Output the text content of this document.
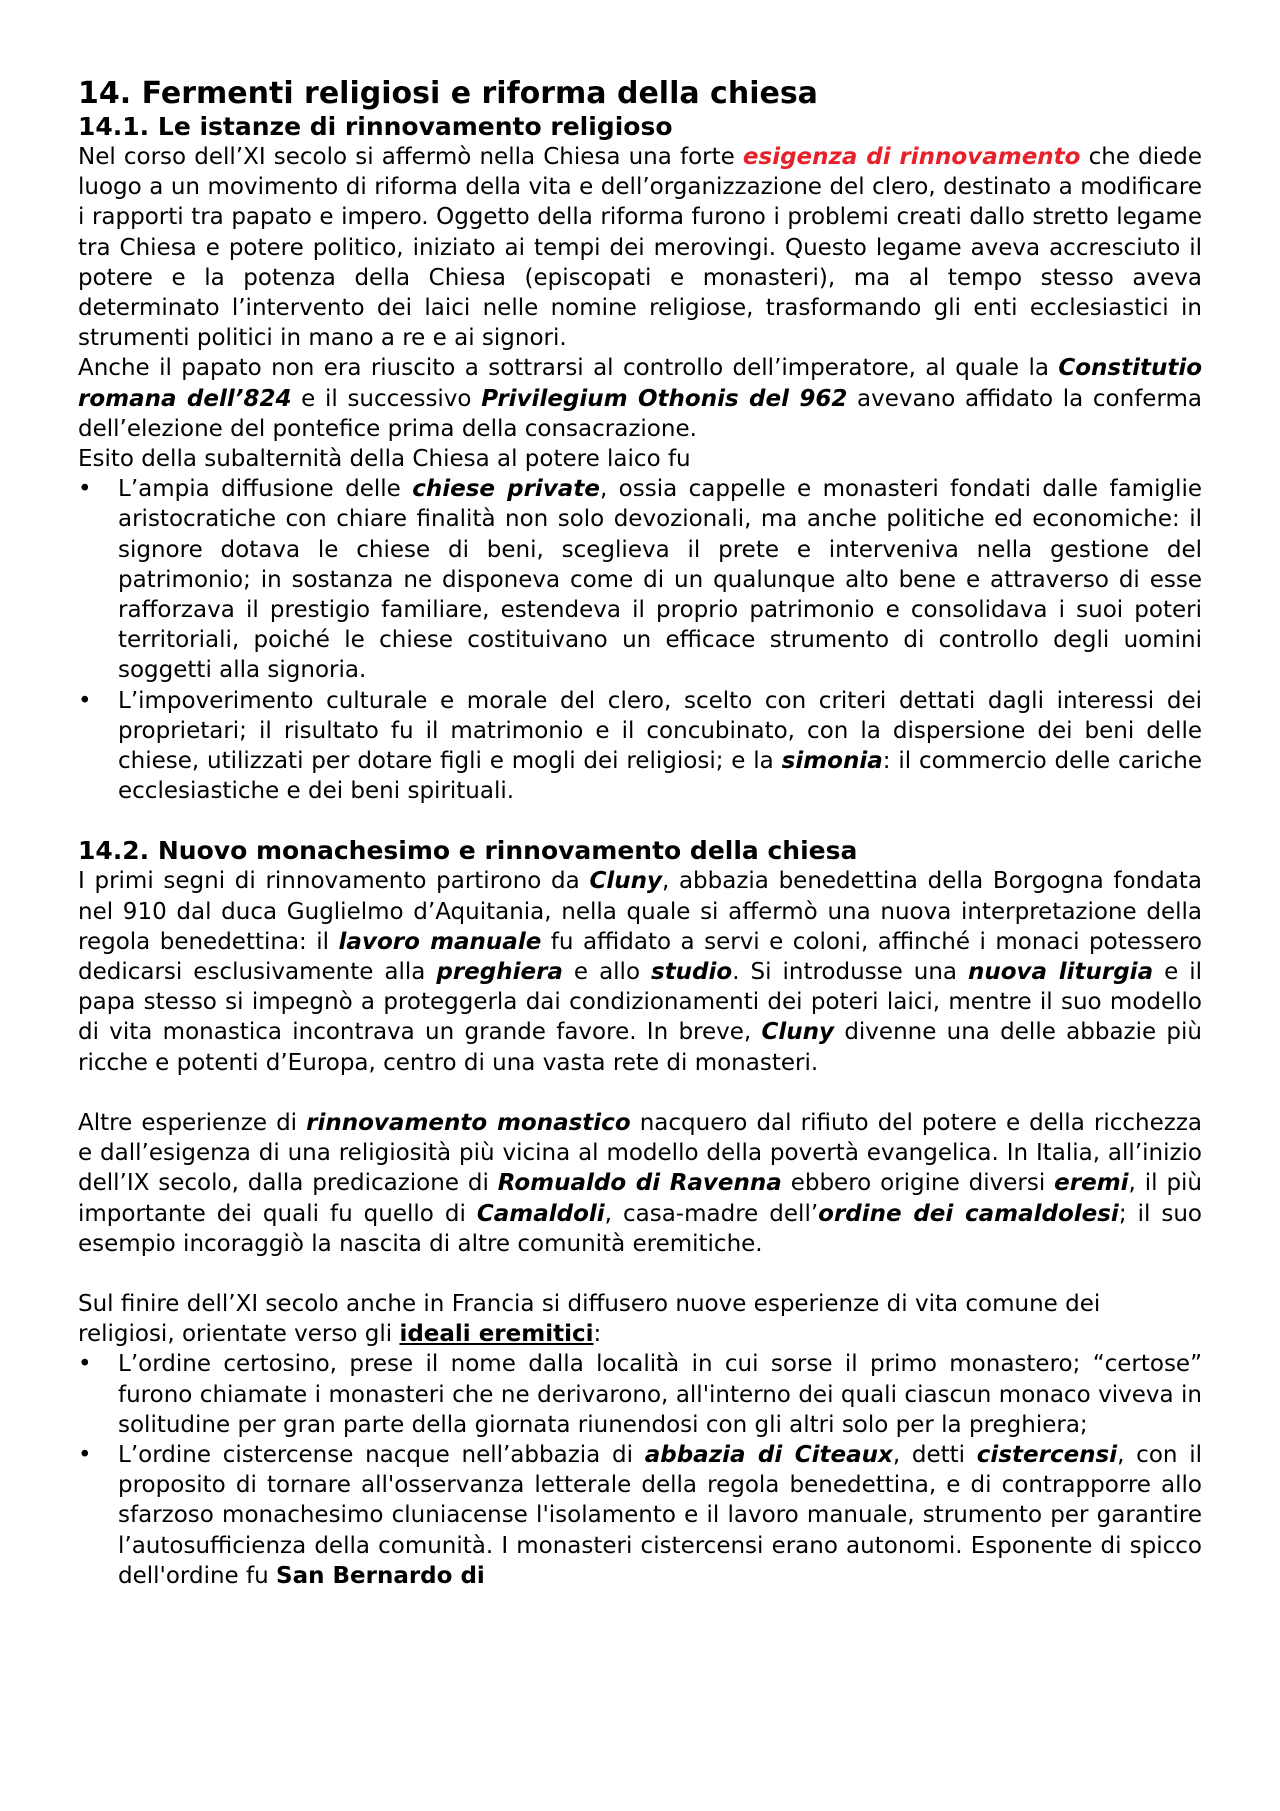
14. Fermenti religiosi e riforma della chiesa
14.1. Le istanze di rinnovamento religioso

Nel corso dell’XI secolo si affermò nella Chiesa una forte esigenza di rinnovamento che diede luogo a un movimento di riforma della vita e dell’organizzazione del clero, destinato a modificare i rapporti tra papato e impero. Oggetto della riforma furono i problemi creati dallo stretto legame tra Chiesa e potere politico, iniziato ai tempi dei merovingi. Questo legame aveva accresciuto il potere e la potenza della Chiesa (episcopati e monasteri), ma al tempo stesso aveva determinato l’intervento dei laici nelle nomine religiose, trasformando gli enti ecclesiastici in strumenti politici in mano a re e ai signori.

Anche il papato non era riuscito a sottrarsi al controllo dell’imperatore, al quale la Constitutio romana dell’824 e il successivo Privilegium Othonis del 962 avevano affidato la conferma dell’elezione del pontefice prima della consacrazione.

Esito della subalternità della Chiesa al potere laico fu

•	L’ampia diffusione delle chiese private, ossia cappelle e monasteri fondati dalle famiglie aristocratiche con chiare finalità non solo devozionali, ma anche politiche ed economiche: il signore dotava le chiese di beni, sceglieva il prete e interveniva nella gestione del patrimonio; in sostanza ne disponeva come di un qualunque alto bene e attraverso di esse rafforzava il prestigio familiare, estendeva il proprio patrimonio e consolidava i suoi poteri territoriali, poiché le chiese costituivano un efficace strumento di controllo degli uomini soggetti alla signoria.
•	L’impoverimento culturale e morale del clero, scelto con criteri dettati dagli interessi dei proprietari; il risultato fu il matrimonio e il concubinato, con la dispersione dei beni delle chiese, utilizzati per dotare figli e mogli dei religiosi; e la simonia: il commercio delle cariche ecclesiastiche e dei beni spirituali.
14.2. Nuovo monachesimo e rinnovamento della chiesa

I primi segni di rinnovamento partirono da Cluny, abbazia benedettina della Borgogna fondata nel 910 dal duca Guglielmo d’Aquitania, nella quale si affermò una nuova interpretazione della regola benedettina: il lavoro manuale fu affidato a servi e coloni, affinché i monaci potessero dedicarsi esclusivamente alla preghiera e allo studio. Si introdusse una nuova liturgia e il papa stesso si impegnò a proteggerla dai condizionamenti dei poteri laici, mentre il suo modello di vita monastica incontrava un grande favore. In breve, Cluny divenne una delle abbazie più ricche e potenti d’Europa, centro di una vasta rete di monasteri.

Altre esperienze di rinnovamento monastico nacquero dal rifiuto del potere e della ricchezza e dall’esigenza di una religiosità più vicina al modello della povertà evangelica. In Italia, all’inizio dell’IX secolo, dalla predicazione di Romualdo di Ravenna ebbero origine diversi eremi, il più importante dei quali fu quello di Camaldoli, casa-madre dell’ordine dei camaldolesi; il suo esempio incoraggiò la nascita di altre comunità eremitiche.

Sul finire dell’XI secolo anche in Francia si diffusero nuove esperienze di vita comune dei religiosi, orientate verso gli ideali eremitici:

•	L’ordine certosino, prese il nome dalla località in cui sorse il primo monastero; “certose” furono chiamate i monasteri che ne derivarono, all'interno dei quali ciascun monaco viveva in solitudine per gran parte della giornata riunendosi con gli altri solo per la preghiera;
•	L’ordine cistercense nacque nell’abbazia di abbazia di Citeaux, detti cistercensi, con il proposito di tornare all'osservanza letterale della regola benedettina, e di contrapporre allo sfarzoso monachesimo cluniacense l'isolamento e il lavoro manuale, strumento per garantire l’autosufficienza della comunità. I monasteri cistercensi erano autonomi. Esponente di spicco dell'ordine fu San Bernardo di
